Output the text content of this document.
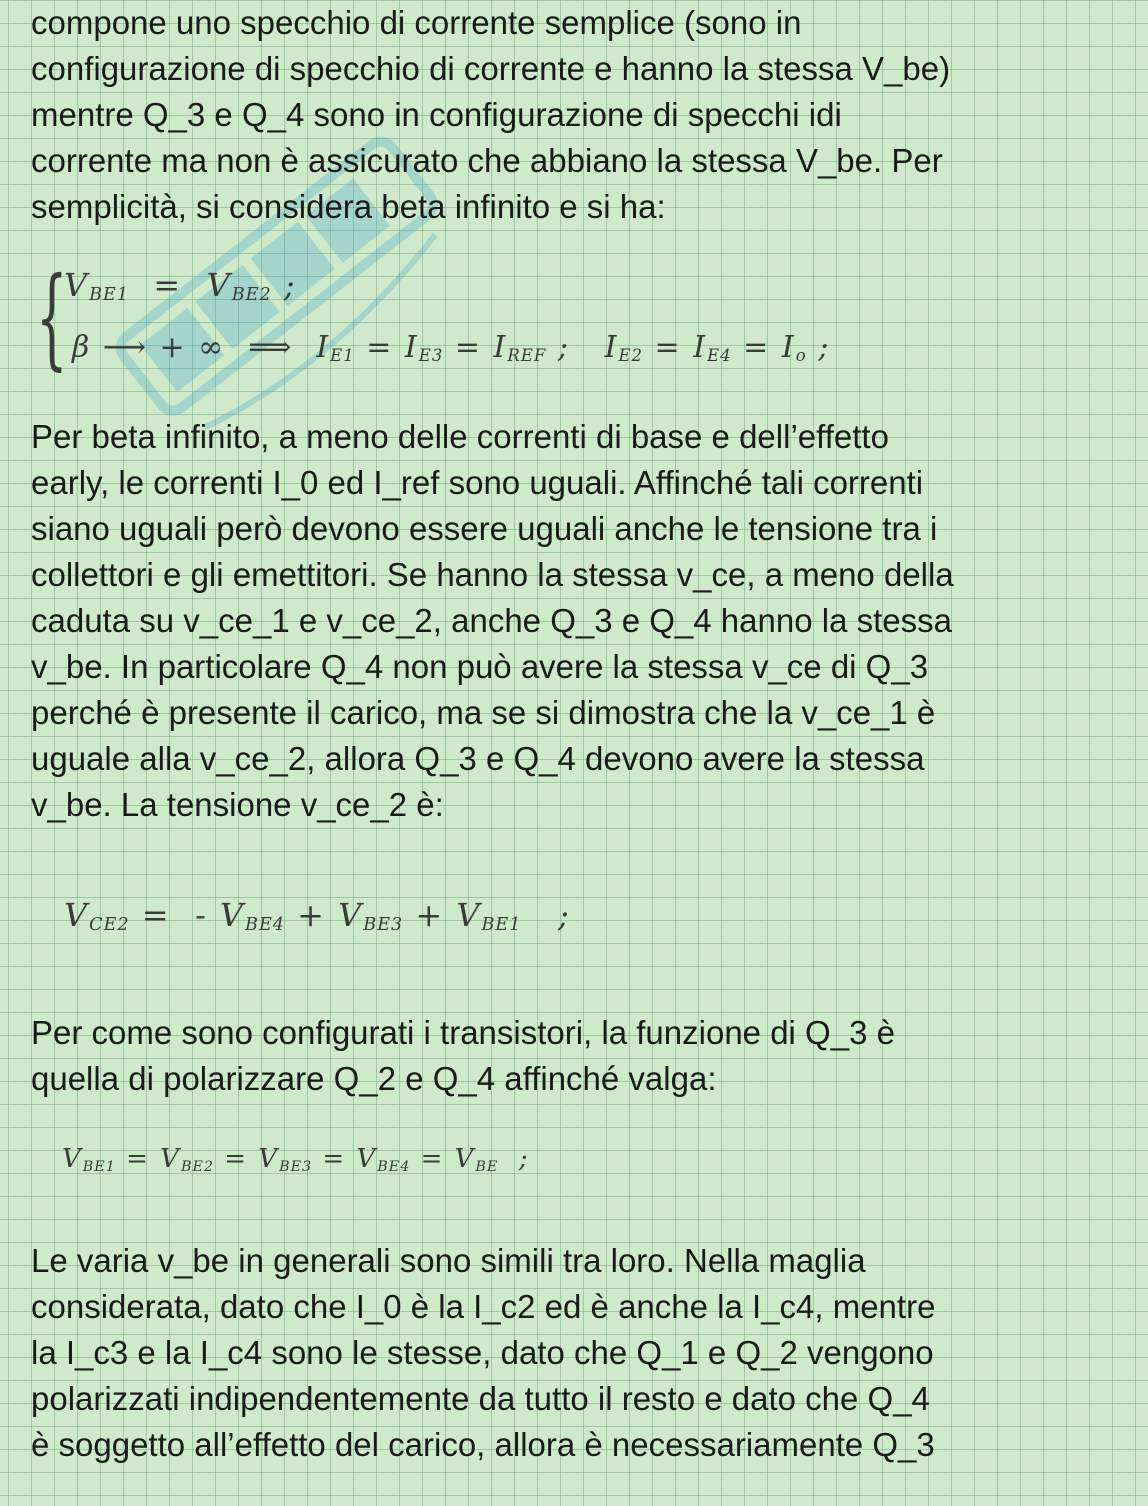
compone uno specchio di corrente semplice (sono in
configurazione di specchio di corrente e hanno la stessa V_be)
mentre Q_3 e Q_4 sono in configurazione di specchi idi
corrente ma non è assicurato che abbiano la stessa V_be. Per
semplicità, si considera beta infinito e si ha:
{
$V_{BE1} = V_{BE2}$ ;
β ⟶ + ∞ ⟹ $I_{E1} = I_{E3} = I_{REF}$ ; $I_{E2} = I_{E4} = I_o$ ;
Per beta infinito, a meno delle correnti di base e dell’effetto
early, le correnti I_0 ed I_ref sono uguali. Affinché tali correnti
siano uguali però devono essere uguali anche le tensione tra i
collettori e gli emettitori. Se hanno la stessa v_ce, a meno della
caduta su v_ce_1 e v_ce_2, anche Q_3 e Q_4 hanno la stessa
v_be. In particolare Q_4 non può avere la stessa v_ce di Q_3
perché è presente il carico, ma se si dimostra che la v_ce_1 è
uguale alla v_ce_2, allora Q_3 e Q_4 devono avere la stessa
v_be. La tensione v_ce_2 è:
$V_{CE2}$ = - $V_{BE4} + V_{BE3} + V_{BE1}$ ;
Per come sono configurati i transistori, la funzione di Q_3 è
quella di polarizzare Q_2 e Q_4 affinché valga:
$V_{BE1} = V_{BE2} = V_{BE3} = V_{BE4} = V_{BE}$ ;
Le varia v_be in generali sono simili tra loro. Nella maglia
considerata, dato che I_0 è la I_c2 ed è anche la I_c4, mentre
la I_c3 e la I_c4 sono le stesse, dato che Q_1 e Q_2 vengono
polarizzati indipendentemente da tutto il resto e dato che Q_4
è soggetto all’effetto del carico, allora è necessariamente Q_3
